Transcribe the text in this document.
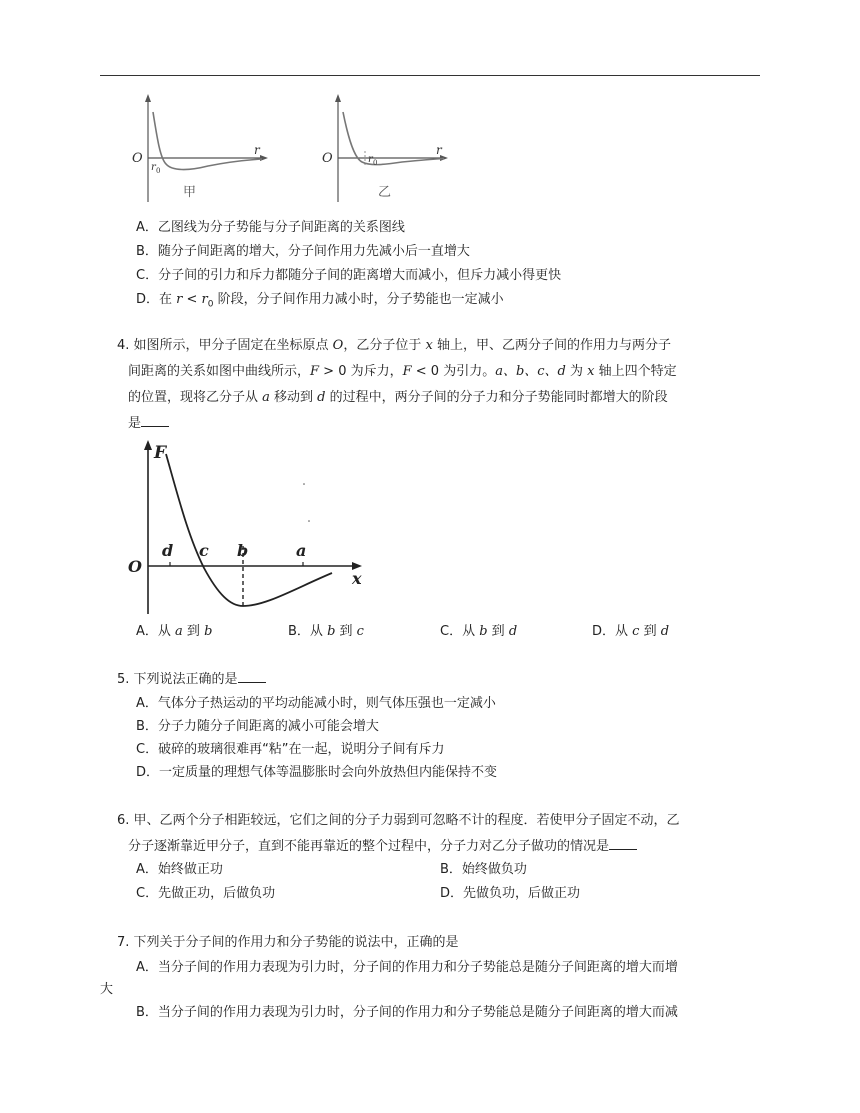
O
r
r 0
甲
O
r
r 0
乙
A．乙图线为分子势能与分子间距离的关系图线
B．随分子间距离的增大，分子间作用力先减小后一直增大
C．分子间的引力和斥力都随分子间的距离增大而减小，但斥力减小得更快
D．在 $r < r_0$ 阶段，分子间作用力减小时，分子势能也一定减小
4. 如图所示，甲分子固定在坐标原点 O，乙分子位于 x 轴上，甲、乙两分子间的作用力与两分子
间距离的关系如图中曲线所示，F > 0 为斥力，F < 0 为引力。a、b、c、d 为 x 轴上四个特定
的位置，现将乙分子从 a 移动到 d 的过程中，两分子间的分子力和分子势能同时都增大的阶段
是
F
O
x
d c b	a
A．从 a 到 b	B．从 b 到 c	C．从 b 到 d	D．从 c 到 d
5. 下列说法正确的是
A．气体分子热运动的平均动能减小时，则气体压强也一定减小
B．分子力随分子间距离的减小可能会增大
C．破碎的玻璃很难再“粘”在一起，说明分子间有斥力
D．一定质量的理想气体等温膨胀时会向外放热但内能保持不变
6. 甲、乙两个分子相距较远，它们之间的分子力弱到可忽略不计的程度．若使甲分子固定不动，乙
分子逐渐靠近甲分子，直到不能再靠近的整个过程中，分子力对乙分子做功的情况是
A．始终做正功	B．始终做负功
C．先做正功，后做负功	D．先做负功，后做正功
7. 下列关于分子间的作用力和分子势能的说法中，正确的是
A．当分子间的作用力表现为引力时，分子间的作用力和分子势能总是随分子间距离的增大而增
大
B．当分子间的作用力表现为引力时，分子间的作用力和分子势能总是随分子间距离的增大而减
